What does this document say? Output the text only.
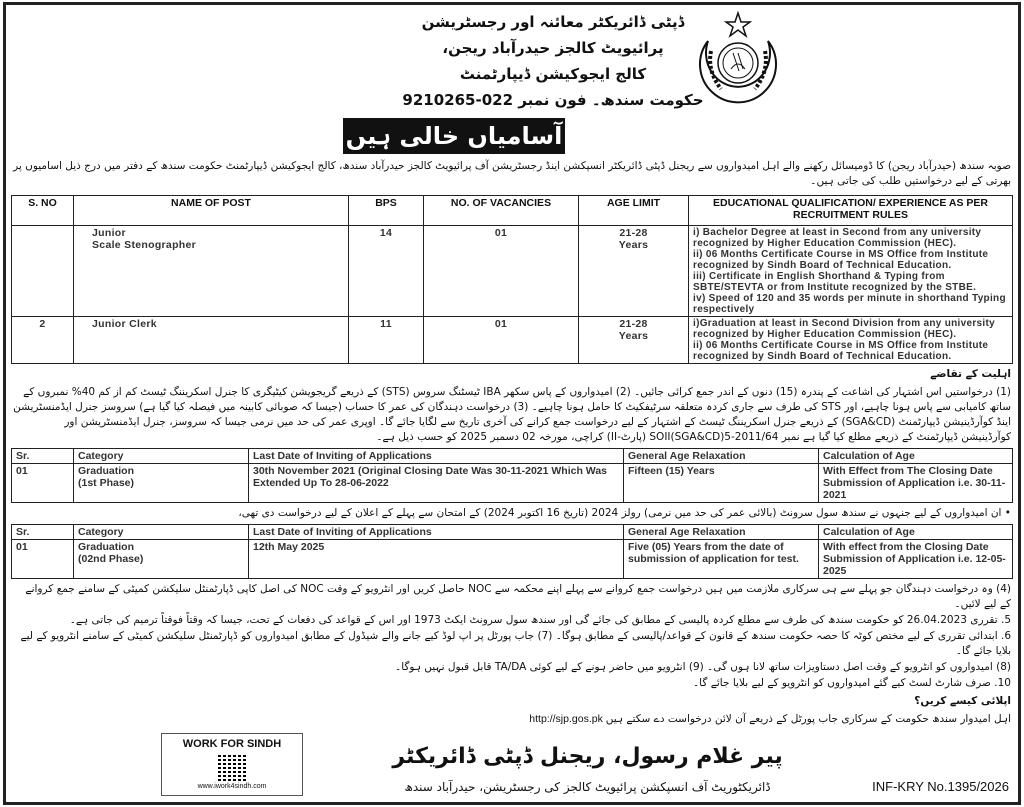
ڈپٹی ڈائریکٹر معائنہ اور رجسٹریشن
پرائیویٹ کالجز حیدرآباد ریجن،
کالج ایجوکیشن ڈیپارٹمنٹ
حکومت سندھ۔ فون نمبر 022-9210265
آسامیاں خالی ہیں
صوبہ سندھ (حیدرآباد ریجن) کا ڈومیسائل رکھنے والے اہل امیدواروں سے ریجنل ڈپٹی ڈائریکٹر انسپکشن اینڈ رجسٹریشن آف پرائیویٹ کالجز حیدرآباد سندھ، کالج ایجوکیشن ڈیپارٹمنٹ حکومت سندھ کے دفتر میں درج ذیل اسامیوں پر بھرتی کے لیے درخواستیں طلب کی جاتی ہیں۔
S. NO	NAME OF POST	BPS	NO. OF VACANCIES	AGE LIMIT	EDUCATIONAL QUALIFICATION/ EXPERIENCE AS PER RECRUITMENT RULES
	Junior
Scale Stenographer	14	01	21-28
Years	i) Bachelor Degree at least in Second from any university recognized by Higher Education Commission (HEC).
ii) 06 Months Certificate Course in MS Office from Institute recognized by Sindh Board of Technical Education.
iii) Certificate in English Shorthand & Typing from SBTE/STEVTA or from Institute recognized by the STBE.
iv) Speed of 120 and 35 words per minute in shorthand Typing respectively
2	Junior Clerk	11	01	21-28
Years	i)Graduation at least in Second Division from any university recognized by Higher Education Commission (HEC).
ii) 06 Months Certificate Course in MS Office from Institute recognized by Sindh Board of Technical Education.
اہلیت کے تقاضے
(1) درخواستیں اس اشتہار کی اشاعت کے پندرہ (15) دنوں کے اندر جمع کرائی جائیں۔ (2) امیدواروں کے پاس سکھر IBA ٹیسٹنگ سروس (STS) کے ذریعے گریجویشن کیٹیگری کا جنرل اسکریننگ ٹیسٹ کم از کم 40% نمبروں کے ساتھ کامیابی سے پاس ہونا چاہیے، اور STS کی طرف سے جاری کردہ متعلقہ سرٹیفکیٹ کا حامل ہونا چاہیے۔ (3) درخواست دہندگان کی عمر کا حساب (جیسا کہ صوبائی کابینہ میں فیصلہ کیا گیا ہے) سروسز جنرل ایڈمنسٹریشن اینڈ کوآرڈینیشن ڈیپارٹمنٹ (SGA&CD) کے ذریعے جنرل اسکریننگ ٹیسٹ کے اشتہار کے لیے درخواست جمع کرانے کی آخری تاریخ سے لگایا جائے گا۔ اوپری عمر کی حد میں نرمی جیسا کہ سروسز، جنرل ایڈمنسٹریشن اور کوآرڈینیشن ڈیپارٹمنٹ کے ذریعے مطلع کیا گیا ہے نمبر 2011/64-SOII(SGA&CD)5 (پارٹ-II) کراچی، مورخہ 02 دسمبر 2025 کو حسب ذیل ہے۔
Sr.	Category	Last Date of Inviting of Applications	General Age Relaxation	Calculation of Age
01	Graduation
(1st Phase)	30th November 2021 (Original Closing Date Was 30-11-2021 Which Was Extended Up To 28-06-2022	Fifteen (15) Years	With Effect from The Closing Date Submission of Application i.e. 30-11-2021
• ان امیدواروں کے لیے جنہوں نے سندھ سول سرونٹ (بالائی عمر کی حد میں نرمی) رولز 2024 (تاریخ 16 اکتوبر 2024) کے امتحان سے پہلے کے اعلان کے لیے درخواست دی تھی،
Sr.	Category	Last Date of Inviting of Applications	General Age Relaxation	Calculation of Age
01	Graduation
(02nd Phase)	12th May 2025	Five (05) Years from the date of submission of application for test.	With effect from the Closing Date Submission of Application i.e. 12-05-2025
(4) وہ درخواست دہندگان جو پہلے سے ہی سرکاری ملازمت میں ہیں درخواست جمع کروانے سے پہلے اپنے محکمہ سے NOC حاصل کریں اور انٹرویو کے وقت NOC کی اصل کاپی ڈپارٹمنٹل سلیکشن کمیٹی کے سامنے جمع کروانے کے لیے لائیں۔
5. تقرری 26.04.2023 کو حکومت سندھ کی طرف سے مطلع کردہ پالیسی کے مطابق کی جائے گی اور سندھ سول سرونٹ ایکٹ 1973 اور اس کے قواعد کی دفعات کے تحت، جیسا کہ وقتاً فوقتاً ترمیم کی جاتی ہے۔
6. ابتدائی تقرری کے لیے مختص کوٹہ کا حصہ حکومت سندھ کے قانون کے قواعد/پالیسی کے مطابق ہوگا۔ (7) جاب پورٹل پر اپ لوڈ کیے جانے والے شیڈول کے مطابق امیدواروں کو ڈپارٹمنٹل سلیکشن کمیٹی کے سامنے انٹرویو کے لیے بلایا جائے گا۔
(8) امیدواروں کو انٹرویو کے وقت اصل دستاویزات ساتھ لانا ہوں گی۔ (9) انٹرویو میں حاضر ہونے کے لیے کوئی TA/DA قابل قبول نہیں ہوگا۔
10. صرف شارٹ لسٹ کیے گئے امیدواروں کو انٹرویو کے لیے بلایا جائے گا۔
اپلائی کیسے کریں؟
اہل امیدوار سندھ حکومت کے سرکاری جاب پورٹل کے ذریعے آن لائن درخواست دے سکتے ہیں http://sjp.gos.pk
WORK FOR SINDH
www.iwork4sindh.com
پیر غلام رسول، ریجنل ڈپٹی ڈائریکٹر
ڈائریکٹوریٹ آف انسپکشن پرائیویٹ کالجز کی رجسٹریشن، حیدرآباد سندھ	INF-KRY No.1395/2026
